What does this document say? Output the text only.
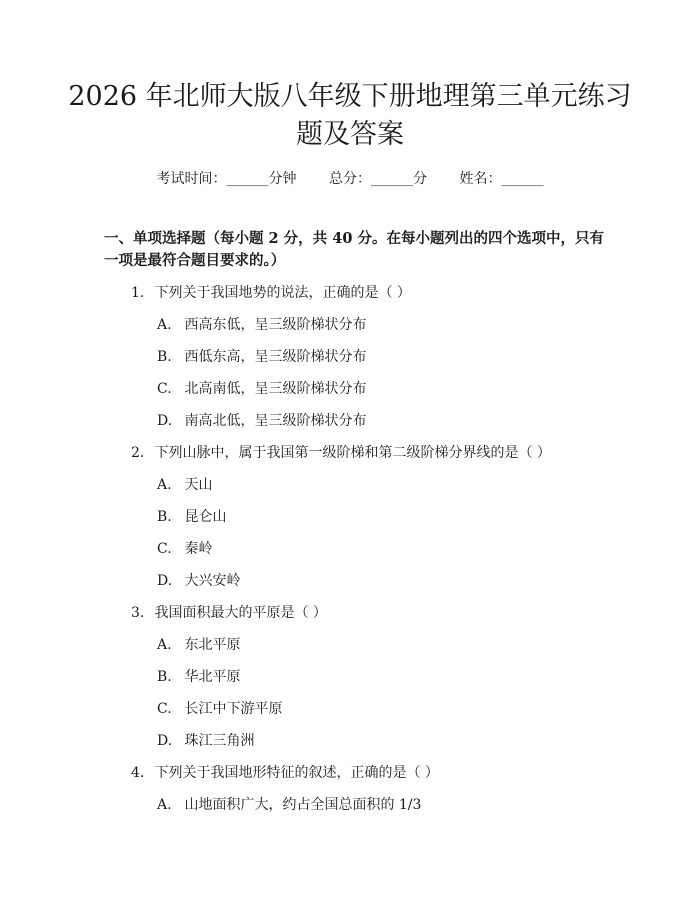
2026 年北师大版八年级下册地理第三单元练习题及答案
考试时间：______分钟 总分：______分 姓名：______

一、单项选择题（每小题 2 分，共 40 分。在每小题列出的四个选项中，只有一项是最符合题目要求的。）

1. 下列关于我国地势的说法，正确的是（ ）
A. 西高东低，呈三级阶梯状分布
B. 西低东高，呈三级阶梯状分布
C. 北高南低，呈三级阶梯状分布
D. 南高北低，呈三级阶梯状分布
2. 下列山脉中，属于我国第一级阶梯和第二级阶梯分界线的是（ ）
A. 天山
B. 昆仑山
C. 秦岭
D. 大兴安岭
3. 我国面积最大的平原是（ ）
A. 东北平原
B. 华北平原
C. 长江中下游平原
D. 珠江三角洲
4. 下列关于我国地形特征的叙述，正确的是（ ）
A. 山地面积广大，约占全国总面积的 1/3
